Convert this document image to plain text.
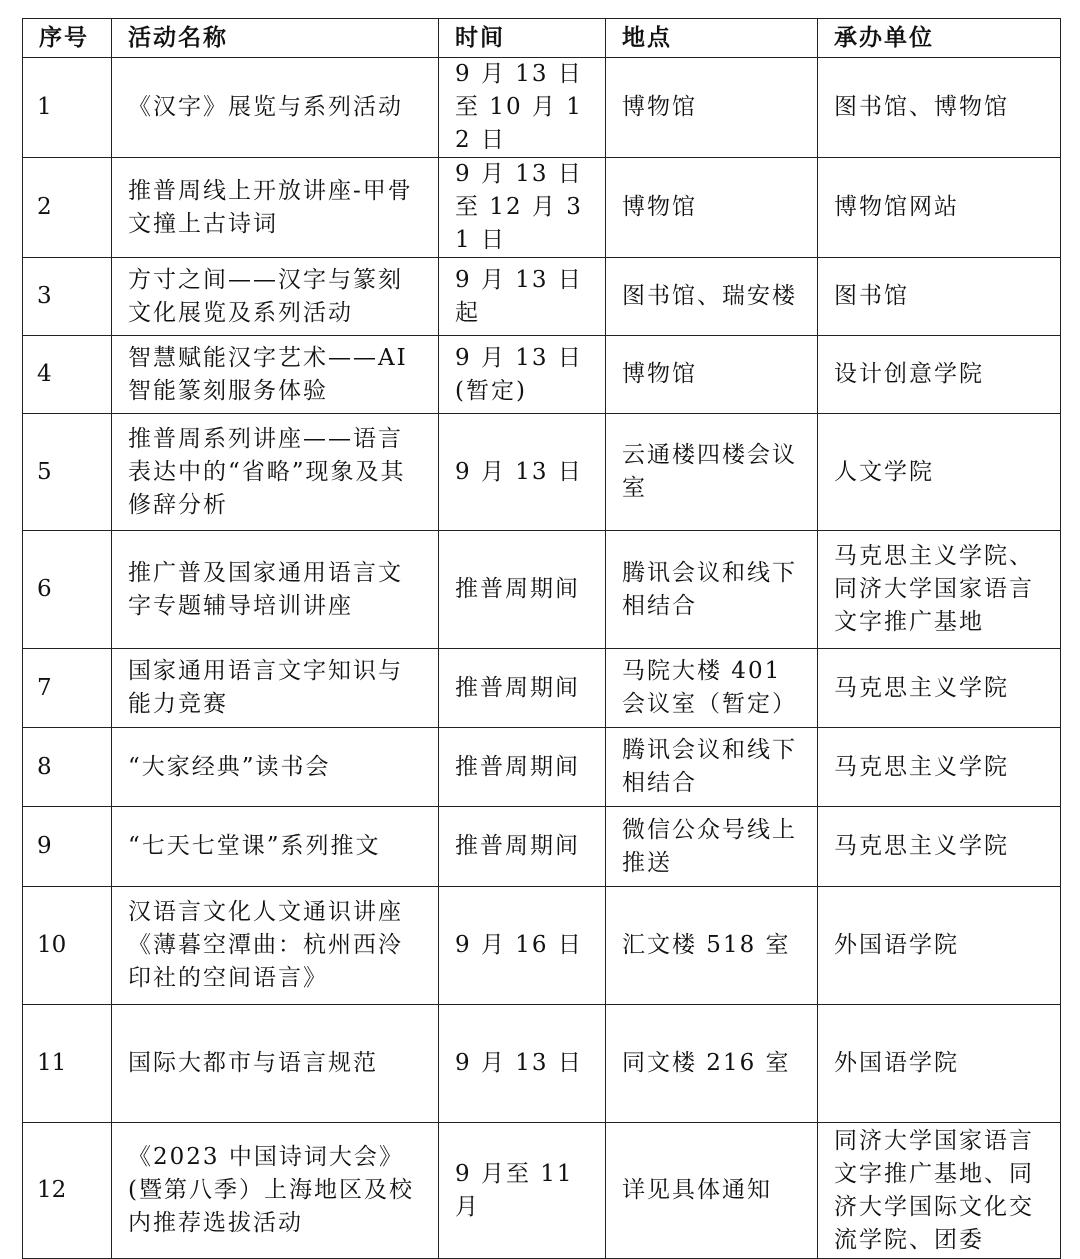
序号	活动名称	时间	地点	承办单位
1	《汉字》展览与系列活动	9 月 13 日至 10 月 12 日	博物馆	图书馆、博物馆
2	推普周线上开放讲座-甲骨文撞上古诗词	9 月 13 日至 12 月 31 日	博物馆	博物馆网站
3	方寸之间——汉字与篆刻文化展览及系列活动	9 月 13 日起	图书馆、瑞安楼	图书馆
4	智慧赋能汉字艺术——AI 智能篆刻服务体验	9 月 13 日(暂定)	博物馆	设计创意学院
5	推普周系列讲座——语言表达中的“省略”现象及其修辞分析	9 月 13 日	云通楼四楼会议室	人文学院
6	推广普及国家通用语言文字专题辅导培训讲座	推普周期间	腾讯会议和线下相结合	马克思主义学院、同济大学国家语言文字推广基地
7	国家通用语言文字知识与能力竞赛	推普周期间	马院大楼 401 会议室（暂定）	马克思主义学院
8	“大家经典”读书会	推普周期间	腾讯会议和线下相结合	马克思主义学院
9	“七天七堂课”系列推文	推普周期间	微信公众号线上推送	马克思主义学院
10	汉语言文化人文通识讲座《薄暮空潭曲：杭州西泠印社的空间语言》	9 月 16 日	汇文楼 518 室	外国语学院
11	国际大都市与语言规范	9 月 13 日	同文楼 216 室	外国语学院
12	《2023 中国诗词大会》(暨第八季）上海地区及校内推荐选拔活动	9 月至 11 月	详见具体通知	同济大学国家语言文字推广基地、同济大学国际文化交流学院、团委
